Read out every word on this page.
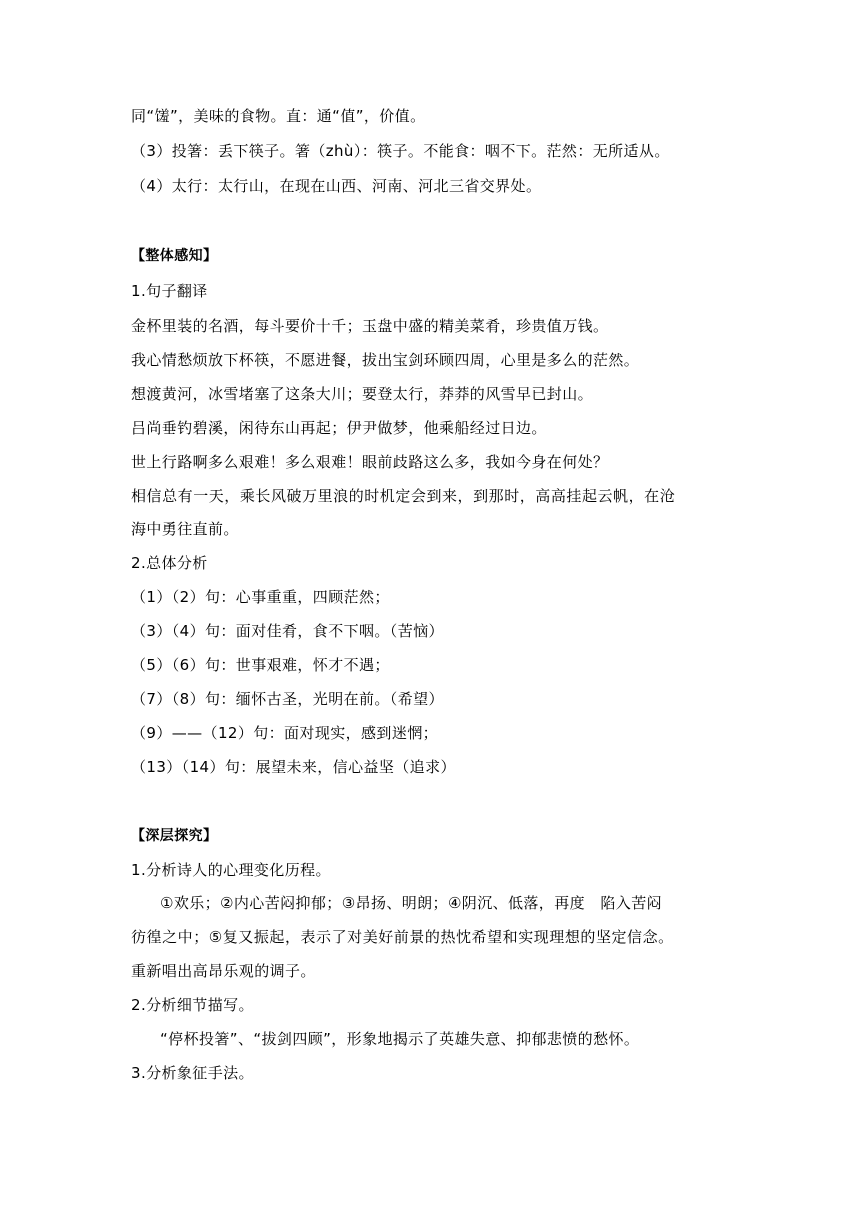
同“馐”，美味的食物。直：通“值”，价值。
（3）投箸：丢下筷子。箸（zhù）：筷子。不能食：咽不下。茫然：无所适从。
（4）太行：太行山，在现在山西、河南、河北三省交界处。
【整体感知】
1.句子翻译
金杯里装的名酒，每斗要价十千；玉盘中盛的精美菜肴，珍贵值万钱。
我心情愁烦放下杯筷，不愿进餐，拔出宝剑环顾四周，心里是多么的茫然。
想渡黄河，冰雪堵塞了这条大川；要登太行，莽莽的风雪早已封山。
吕尚垂钓碧溪，闲待东山再起；伊尹做梦，他乘船经过日边。
世上行路啊多么艰难！多么艰难！眼前歧路这么多，我如今身在何处？
相信总有一天，乘长风破万里浪的时机定会到来，到那时，高高挂起云帆，在沧
海中勇往直前。
2.总体分析
（1）（2）句：心事重重，四顾茫然；
（3）（4）句：面对佳肴，食不下咽。（苦恼）
（5）（6）句：世事艰难，怀才不遇；
（7）（8）句：缅怀古圣，光明在前。（希望）
（9）——（12）句：面对现实，感到迷惘；
（13）（14）句：展望未来，信心益坚（追求）
【深层探究】
1.分析诗人的心理变化历程。
①欢乐；②内心苦闷抑郁；③昂扬、明朗；④阴沉、低落，再度　陷入苦闷
彷徨之中；⑤复又振起，表示了对美好前景的热忱希望和实现理想的坚定信念。
重新唱出高昂乐观的调子。
2.分析细节描写。
“停杯投箸”、“拔剑四顾”，形象地揭示了英雄失意、抑郁悲愤的愁怀。
3.分析象征手法。
